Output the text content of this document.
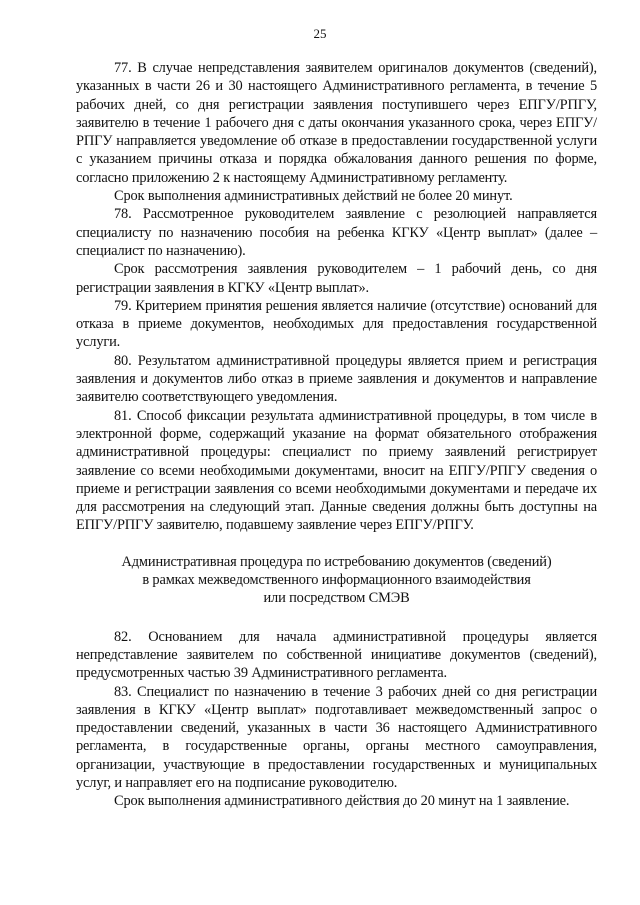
25

77. В случае непредставления заявителем оригиналов документов (сведений), указанных в части 26 и 30 настоящего Административного регламента, в течение 5 рабочих дней, со дня регистрации заявления поступившего через ЕПГУ/РПГУ, заявителю в течение 1 рабочего дня с даты окончания указанного срока, через ЕПГУ/РПГУ направляется уведомление об отказе в предоставлении государственной услуги с указанием причины отказа и порядка обжалования данного решения по форме, согласно приложению 2 к настоящему Административному регламенту.

Срок выполнения административных действий не более 20 минут.

78. Рассмотренное руководителем заявление с резолюцией направляется специалисту по назначению пособия на ребенка КГКУ «Центр выплат» (далее – специалист по назначению).

Срок рассмотрения заявления руководителем – 1 рабочий день, со дня регистрации заявления в КГКУ «Центр выплат».

79. Критерием принятия решения является наличие (отсутствие) оснований для отказа в приеме документов, необходимых для предоставления государственной услуги.

80. Результатом административной процедуры является прием и регистрация заявления и документов либо отказ в приеме заявления и документов и направление заявителю соответствующего уведомления.

81. Способ фиксации результата административной процедуры, в том числе в электронной форме, содержащий указание на формат обязательного отображения административной процедуры: специалист по приему заявлений регистрирует заявление со всеми необходимыми документами, вносит на ЕПГУ/РПГУ сведения о приеме и регистрации заявления со всеми необходимыми документами и передаче их для рассмотрения на следующий этап. Данные сведения должны быть доступны на ЕПГУ/РПГУ заявителю, подавшему заявление через ЕПГУ/РПГУ.

Административная процедура по истребованию документов (сведений)
в рамках межведомственного информационного взаимодействия
или посредством СМЭВ

82. Основанием для начала административной процедуры является непредставление заявителем по собственной инициативе документов (сведений), предусмотренных частью 39 Административного регламента.

83. Специалист по назначению в течение 3 рабочих дней со дня регистрации заявления в КГКУ «Центр выплат» подготавливает межведомственный запрос о предоставлении сведений, указанных в части 36 настоящего Административного регламента, в государственные органы, органы местного самоуправления, организации, участвующие в предоставлении государственных и муниципальных услуг, и направляет его на подписание руководителю.

Срок выполнения административного действия до 20 минут на 1 заявление.
